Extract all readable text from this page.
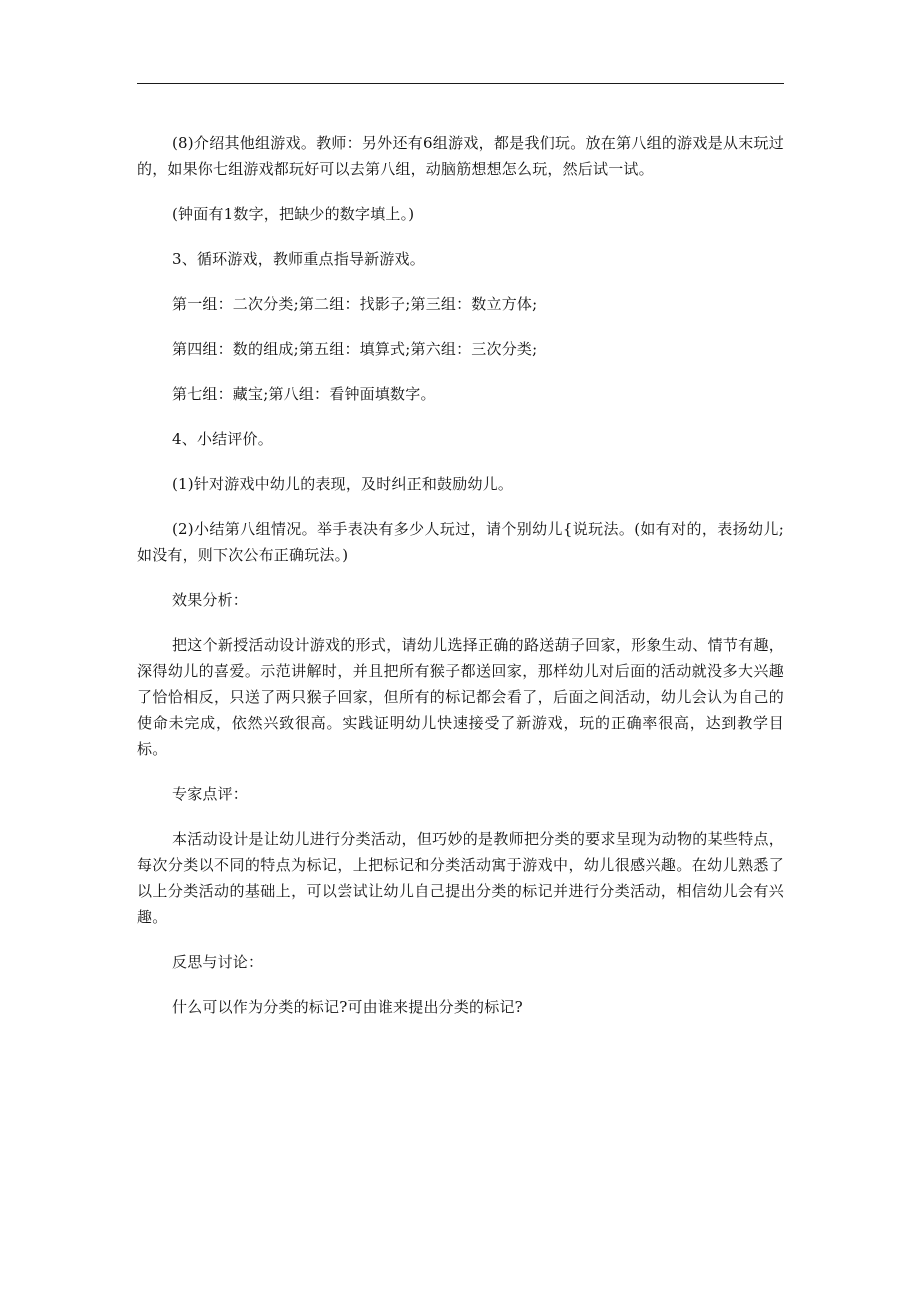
(8)介绍其他组游戏。教师：另外还有6组游戏，都是我们玩。放在第八组的游戏是从末玩过的，如果你七组游戏都玩好可以去第八组，动脑筋想想怎么玩，然后试一试。

(钟面有1数字，把缺少的数字填上。)

3、循环游戏，教师重点指导新游戏。

第一组：二次分类;第二组：找影子;第三组：数立方体;

第四组：数的组成;第五组：填算式;第六组：三次分类;

第七组：藏宝;第八组：看钟面填数字。

4、小结评价。

(1)针对游戏中幼儿的表现，及时纠正和鼓励幼儿。

(2)小结第八组情况。举手表决有多少人玩过，请个别幼儿{说玩法。(如有对的，表扬幼儿;如没有，则下次公布正确玩法。)

效果分析：

把这个新授活动设计游戏的形式，请幼儿选择正确的路送葫子回家，形象生动、情节有趣，深得幼儿的喜爱。示范讲解时，并且把所有猴子都送回家，那样幼儿对后面的活动就没多大兴趣了恰恰相反，只送了两只猴子回家，但所有的标记都会看了，后面之间活动，幼儿会认为自己的使命未完成，依然兴致很高。实践证明幼儿快速接受了新游戏，玩的正确率很高，达到教学目标。

专家点评：

本活动设计是让幼儿进行分类活动，但巧妙的是教师把分类的要求呈现为动物的某些特点，每次分类以不同的特点为标记，上把标记和分类活动寓于游戏中，幼儿很感兴趣。在幼儿熟悉了以上分类活动的基础上，可以尝试让幼儿自己提出分类的标记并进行分类活动，相信幼儿会有兴趣。

反思与讨论：

什么可以作为分类的标记?可由谁来提出分类的标记?
